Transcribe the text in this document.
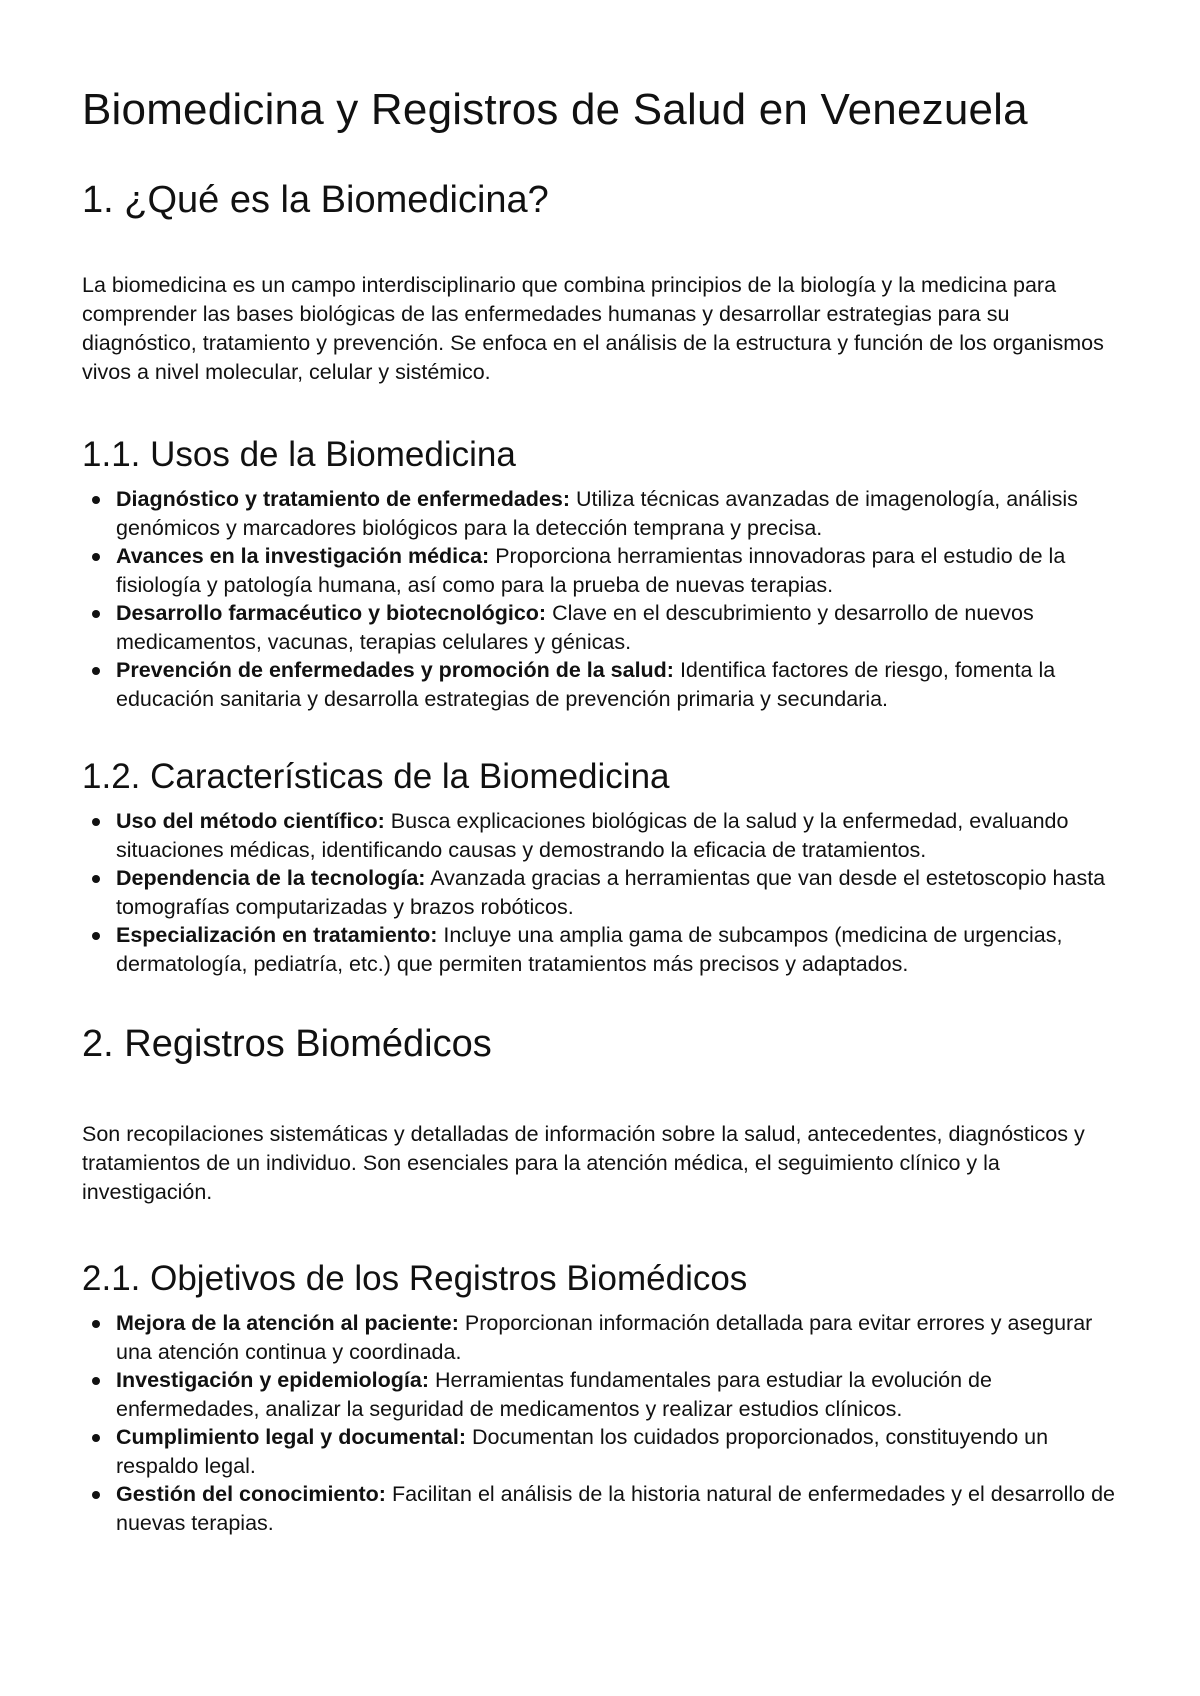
Biomedicina y Registros de Salud en Venezuela
1. ¿Qué es la Biomedicina?

La biomedicina es un campo interdisciplinario que combina principios de la biología y la medicina para comprender las bases biológicas de las enfermedades humanas y desarrollar estrategias para su diagnóstico, tratamiento y prevención. Se enfoca en el análisis de la estructura y función de los organismos vivos a nivel molecular, celular y sistémico.

1.1. Usos de la Biomedicina
Diagnóstico y tratamiento de enfermedades: Utiliza técnicas avanzadas de imagenología, análisis genómicos y marcadores biológicos para la detección temprana y precisa.
Avances en la investigación médica: Proporciona herramientas innovadoras para el estudio de la fisiología y patología humana, así como para la prueba de nuevas terapias.
Desarrollo farmacéutico y biotecnológico: Clave en el descubrimiento y desarrollo de nuevos medicamentos, vacunas, terapias celulares y génicas.
Prevención de enfermedades y promoción de la salud: Identifica factores de riesgo, fomenta la educación sanitaria y desarrolla estrategias de prevención primaria y secundaria.
1.2. Características de la Biomedicina
Uso del método científico: Busca explicaciones biológicas de la salud y la enfermedad, evaluando situaciones médicas, identificando causas y demostrando la eficacia de tratamientos.
Dependencia de la tecnología: Avanzada gracias a herramientas que van desde el estetoscopio hasta tomografías computarizadas y brazos robóticos.
Especialización en tratamiento: Incluye una amplia gama de subcampos (medicina de urgencias, dermatología, pediatría, etc.) que permiten tratamientos más precisos y adaptados.
2. Registros Biomédicos

Son recopilaciones sistemáticas y detalladas de información sobre la salud, antecedentes, diagnósticos y tratamientos de un individuo. Son esenciales para la atención médica, el seguimiento clínico y la investigación.

2.1. Objetivos de los Registros Biomédicos
Mejora de la atención al paciente: Proporcionan información detallada para evitar errores y asegurar una atención continua y coordinada.
Investigación y epidemiología: Herramientas fundamentales para estudiar la evolución de enfermedades, analizar la seguridad de medicamentos y realizar estudios clínicos.
Cumplimiento legal y documental: Documentan los cuidados proporcionados, constituyendo un respaldo legal.
Gestión del conocimiento: Facilitan el análisis de la historia natural de enfermedades y el desarrollo de nuevas terapias.
